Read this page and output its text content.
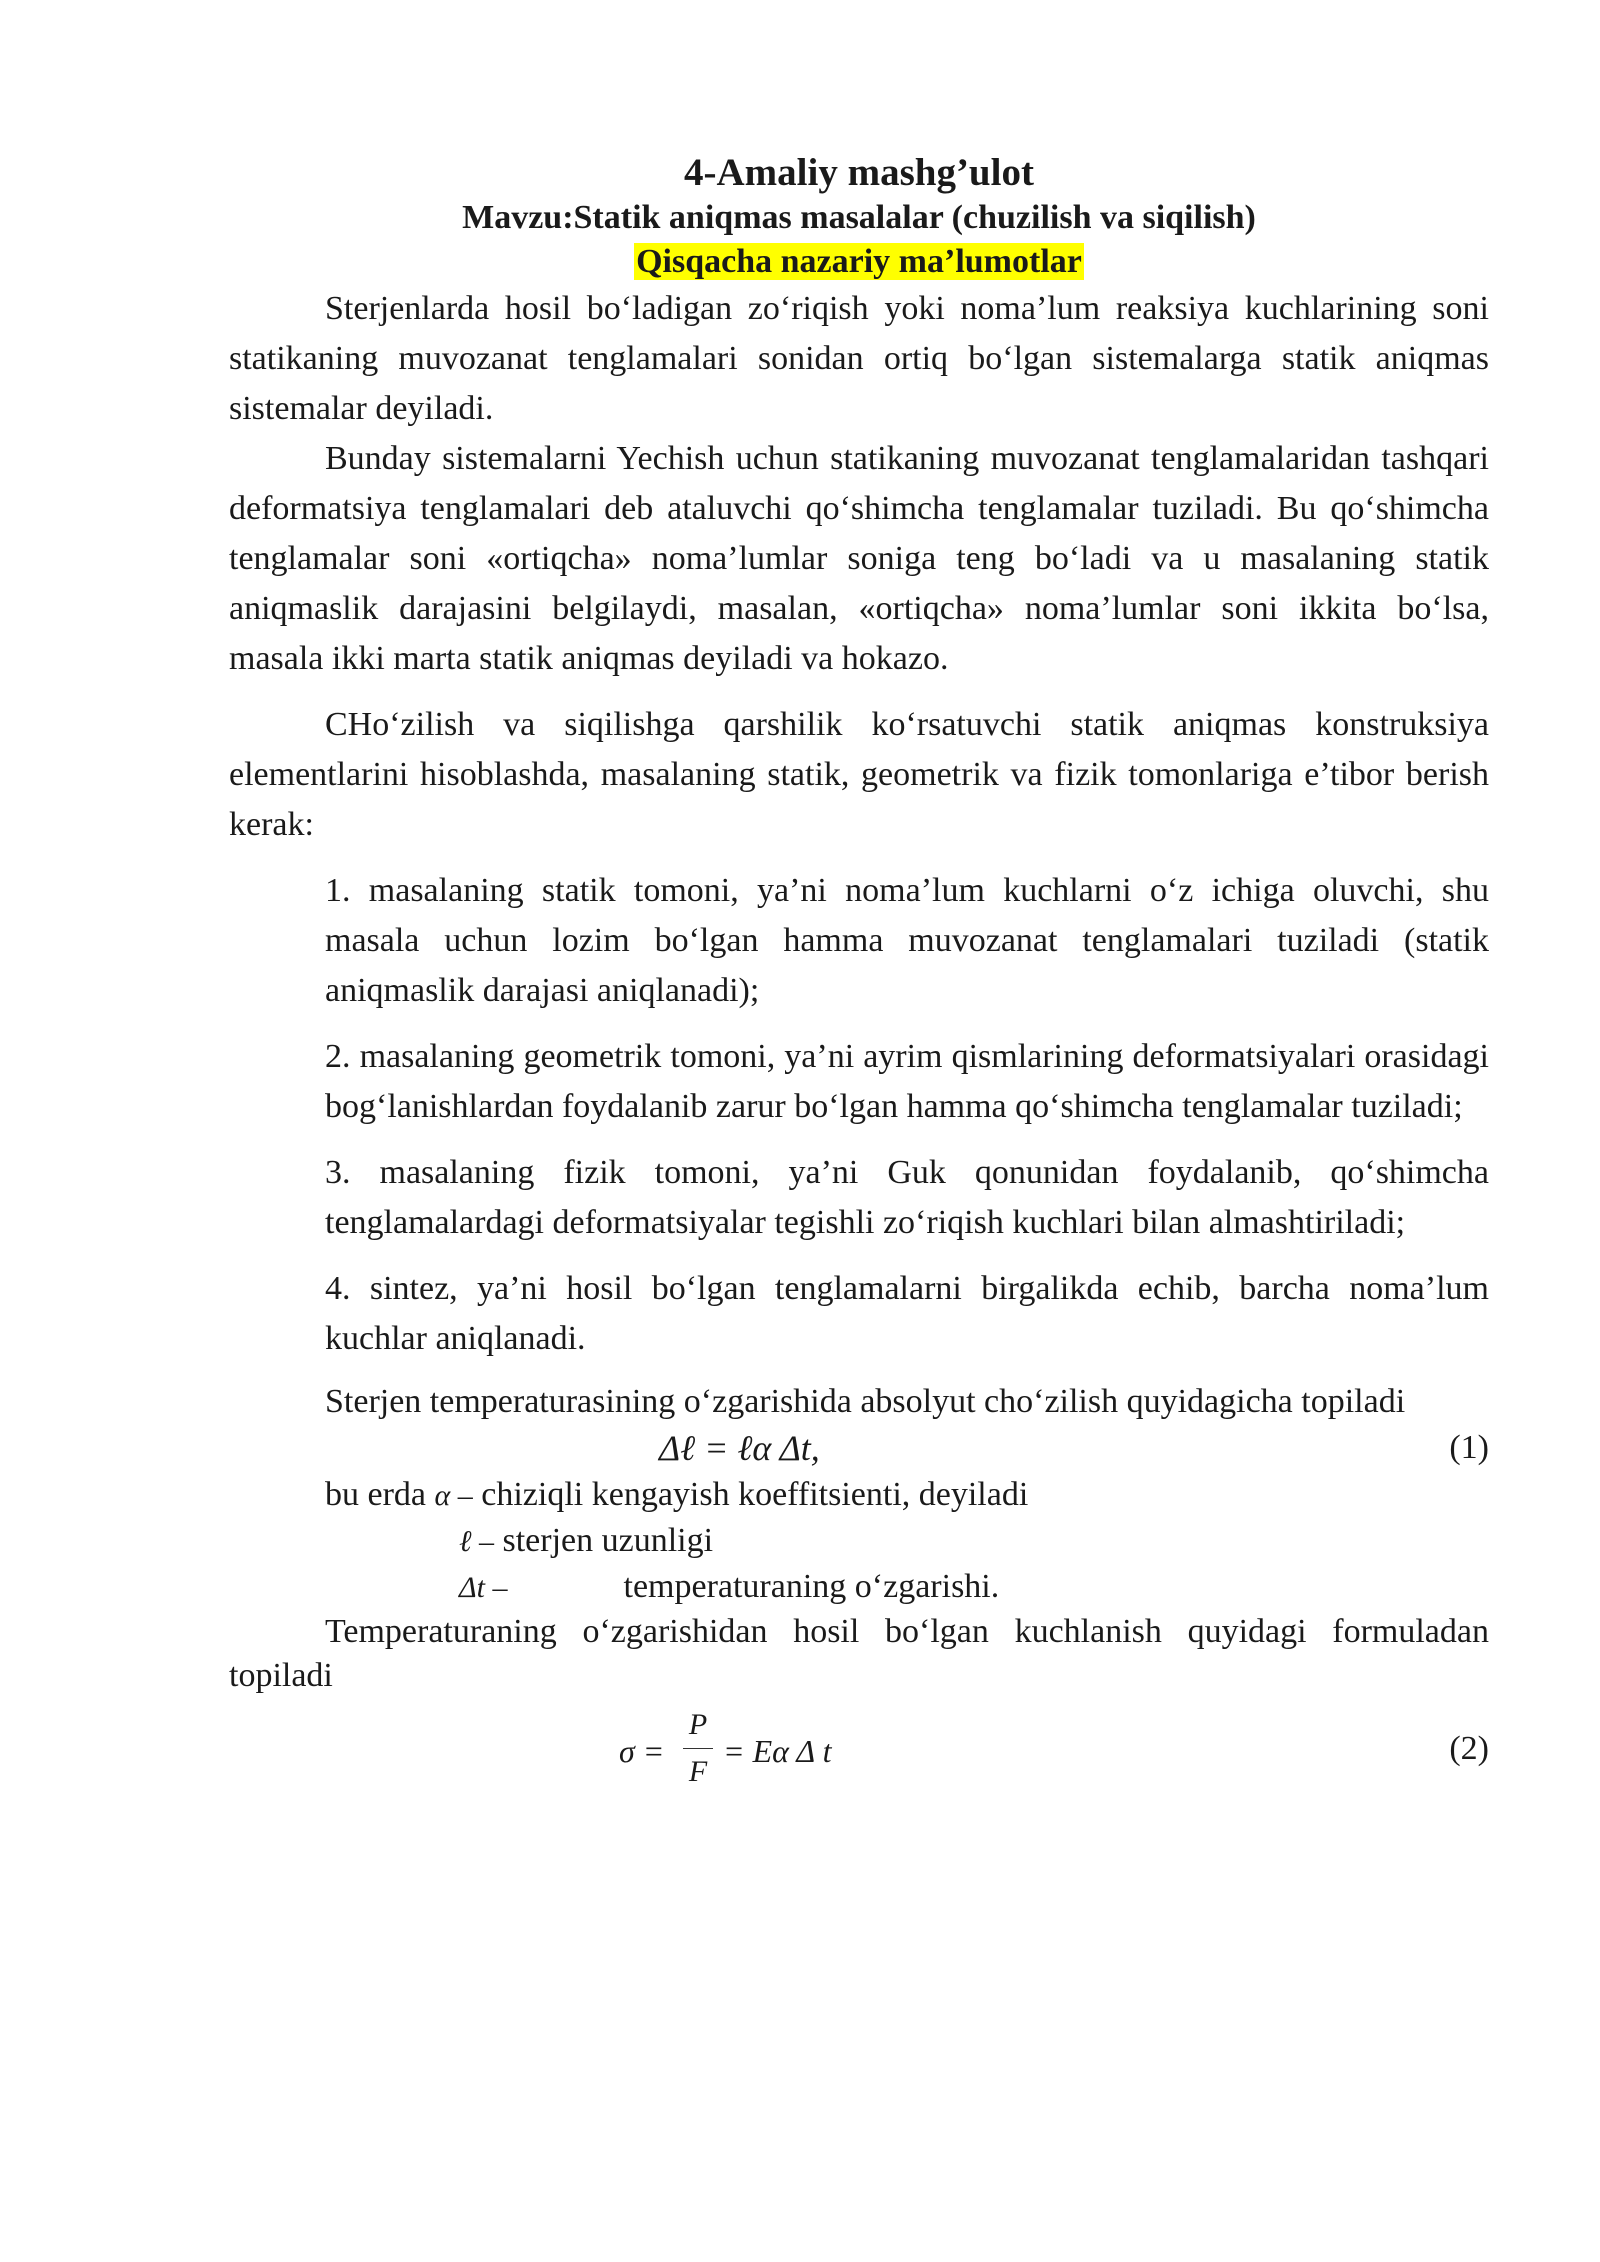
4-Amaliy mashg’ulot
Mavzu:Statik aniqmas masalalar (chuzilish va siqilish)
Qisqacha nazariy ma’lumotlar

Sterjenlarda hosil bo‘ladigan zo‘riqish yoki noma’lum reaksiya kuchlarining soni statikaning muvozanat tenglamalari sonidan ortiq bo‘lgan sistemalarga statik aniqmas sistemalar deyiladi.

Bunday sistemalarni Yechish uchun statikaning muvozanat tenglamalaridan tashqari deformatsiya tenglamalari deb ataluvchi qo‘shimcha tenglamalar tuziladi. Bu qo‘shimcha tenglamalar soni «ortiqcha» noma’lumlar soniga teng bo‘ladi va u masalaning statik aniqmaslik darajasini belgilaydi, masalan, «ortiqcha» noma’lumlar soni ikkita bo‘lsa, masala ikki marta statik aniqmas deyiladi va hokazo.

CHo‘zilish va siqilishga qarshilik ko‘rsatuvchi statik aniqmas konstruksiya elementlarini hisoblashda, masalaning statik, geometrik va fizik tomonlariga e’tibor berish kerak:

1. masalaning statik tomoni, ya’ni noma’lum kuchlarni o‘z ichiga oluvchi, shu masala uchun lozim bo‘lgan hamma muvozanat tenglamalari tuziladi (statik aniqmaslik darajasi aniqlanadi);

2. masalaning geometrik tomoni, ya’ni ayrim qismlarining deformatsiyalari orasidagi bog‘lanishlardan foydalanib zarur bo‘lgan hamma qo‘shimcha tenglamalar tuziladi;

3. masalaning fizik tomoni, ya’ni Guk qonunidan foydalanib, qo‘shimcha tenglamalardagi deformatsiyalar tegishli zo‘riqish kuchlari bilan almashtiriladi;

4. sintez, ya’ni hosil bo‘lgan tenglamalarni birgalikda echib, barcha noma’lum kuchlar aniqlanadi.

Sterjen temperaturasining o‘zgarishida absolyut cho‘zilish quyidagicha topiladi

Δℓ = ℓα Δt,	(1)
bu erda α – chiziqli kengayish koeffitsienti, deyiladi
ℓ – sterjen uzunligi
Δt –	temperaturaning o‘zgarishi.

Temperaturaning o‘zgarishidan hosil bo‘lgan kuchlanish quyidagi formuladan topiladi

σ =
P
F
= Eα Δ t	(2)
